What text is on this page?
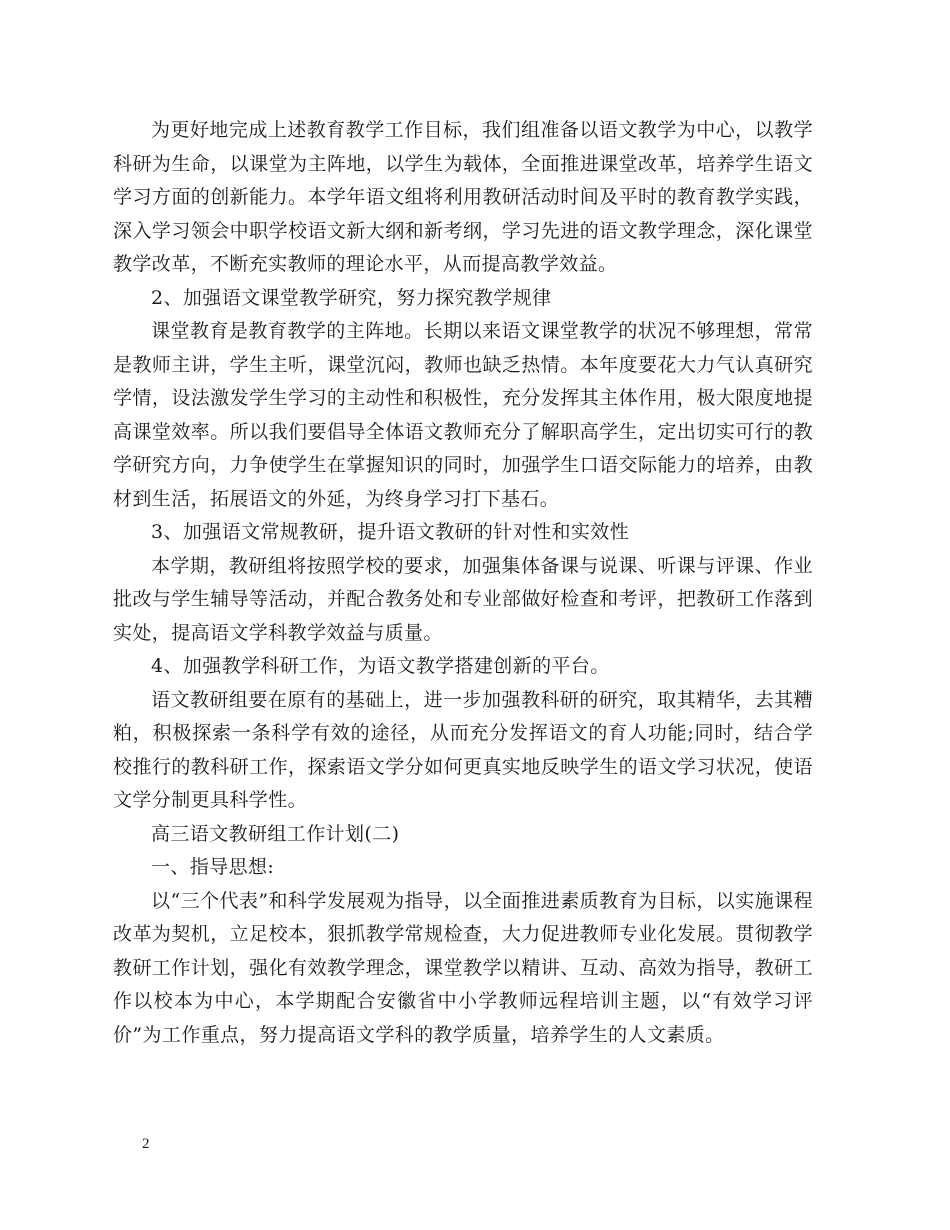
为更好地完成上述教育教学工作目标，我们组准备以语文教学为中心，以教学科研为生命，以课堂为主阵地，以学生为载体，全面推进课堂改革，培养学生语文学习方面的创新能力。本学年语文组将利用教研活动时间及平时的教育教学实践，深入学习领会中职学校语文新大纲和新考纲，学习先进的语文教学理念，深化课堂教学改革，不断充实教师的理论水平，从而提高教学效益。

2、加强语文课堂教学研究，努力探究教学规律

课堂教育是教育教学的主阵地。长期以来语文课堂教学的状况不够理想，常常是教师主讲，学生主听，课堂沉闷，教师也缺乏热情。本年度要花大力气认真研究学情，设法激发学生学习的主动性和积极性，充分发挥其主体作用，极大限度地提高课堂效率。所以我们要倡导全体语文教师充分了解职高学生，定出切实可行的教学研究方向，力争使学生在掌握知识的同时，加强学生口语交际能力的培养，由教材到生活，拓展语文的外延，为终身学习打下基石。

3、加强语文常规教研，提升语文教研的针对性和实效性

本学期，教研组将按照学校的要求，加强集体备课与说课、听课与评课、作业批改与学生辅导等活动，并配合教务处和专业部做好检查和考评，把教研工作落到实处，提高语文学科教学效益与质量。

4、加强教学科研工作，为语文教学搭建创新的平台。

语文教研组要在原有的基础上，进一步加强教科研的研究，取其精华，去其糟粕，积极探索一条科学有效的途径，从而充分发挥语文的育人功能;同时，结合学校推行的教科研工作，探索语文学分如何更真实地反映学生的语文学习状况，使语文学分制更具科学性。

高三语文教研组工作计划(二)

一、指导思想:

以“三个代表”和科学发展观为指导，以全面推进素质教育为目标，以实施课程改革为契机，立足校本，狠抓教学常规检查，大力促进教师专业化发展。贯彻教学教研工作计划，强化有效教学理念，课堂教学以精讲、互动、高效为指导，教研工作以校本为中心，本学期配合安徽省中小学教师远程培训主题，以“有效学习评价”为工作重点，努力提高语文学科的教学质量，培养学生的人文素质。

2
